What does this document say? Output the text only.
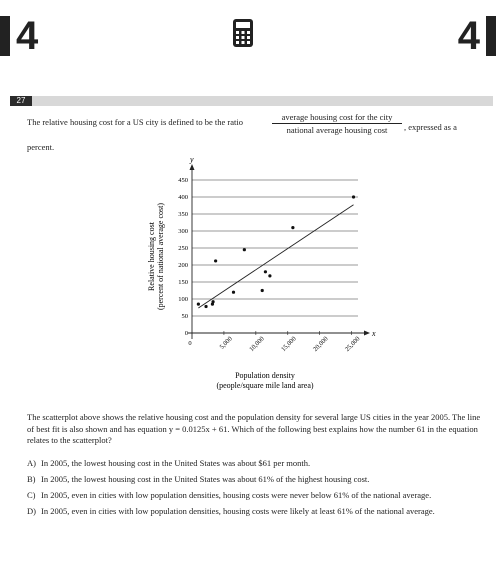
4	4
27
The relative housing cost for a US city is defined to be the ratio	average housing cost for the city
national average housing cost	, expressed as a
percent.
y
x
0
0
50
100
150
200
250
300
350
400
450
5,000 10,000 15,000 20,000 25,000
Population density
(people/square mile land area)
Relative housing cost (percent of national average cost)
The scatterplot above shows the relative housing cost and the population density for several large US cities in the year 2005. The line of best fit is also shown and has equation y = 0.0125x + 61. Which of the following best explains how the number 61 in the equation relates to the scatterplot?
A) In 2005, the lowest housing cost in the United States was about $61 per month.
B) In 2005, the lowest housing cost in the United States was about 61% of the highest housing cost.
C) In 2005, even in cities with low population densities, housing costs were never below 61% of the national average.
D) In 2005, even in cities with low population densities, housing costs were likely at least 61% of the national average.
